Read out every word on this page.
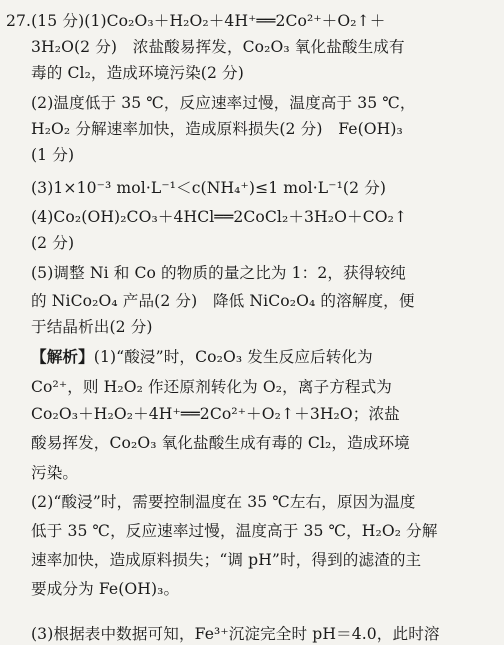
27.(15 分)(1)Co₂O₃＋H₂O₂＋4H⁺══2Co²⁺＋O₂↑＋
3H₂O(2 分)　浓盐酸易挥发，Co₂O₃ 氧化盐酸生成有
毒的 Cl₂，造成环境污染(2 分)
(2)温度低于 35 ℃，反应速率过慢，温度高于 35 ℃，
H₂O₂ 分解速率加快，造成原料损失(2 分)　Fe(OH)₃
(1 分)
(3)1×10⁻³ mol·L⁻¹＜c(NH₄⁺)≤1 mol·L⁻¹(2 分)
(4)Co₂(OH)₂CO₃＋4HCl══2CoCl₂＋3H₂O＋CO₂↑
(2 分)
(5)调整 Ni 和 Co 的物质的量之比为 1：2，获得较纯
的 NiCo₂O₄ 产品(2 分)　降低 NiCo₂O₄ 的溶解度，便
于结晶析出(2 分)
【解析】(1)“酸浸”时，Co₂O₃ 发生反应后转化为
Co²⁺，则 H₂O₂ 作还原剂转化为 O₂，离子方程式为
Co₂O₃＋H₂O₂＋4H⁺══2Co²⁺＋O₂↑＋3H₂O；浓盐
酸易挥发，Co₂O₃ 氧化盐酸生成有毒的 Cl₂，造成环境
污染。
(2)“酸浸”时，需要控制温度在 35 ℃左右，原因为温度
低于 35 ℃，反应速率过慢，温度高于 35 ℃，H₂O₂ 分解
速率加快，造成原料损失；“调 pH”时，得到的滤渣的主
要成分为 Fe(OH)₃。
(3)根据表中数据可知，Fe³⁺沉淀完全时 pH＝4.0，此时溶
